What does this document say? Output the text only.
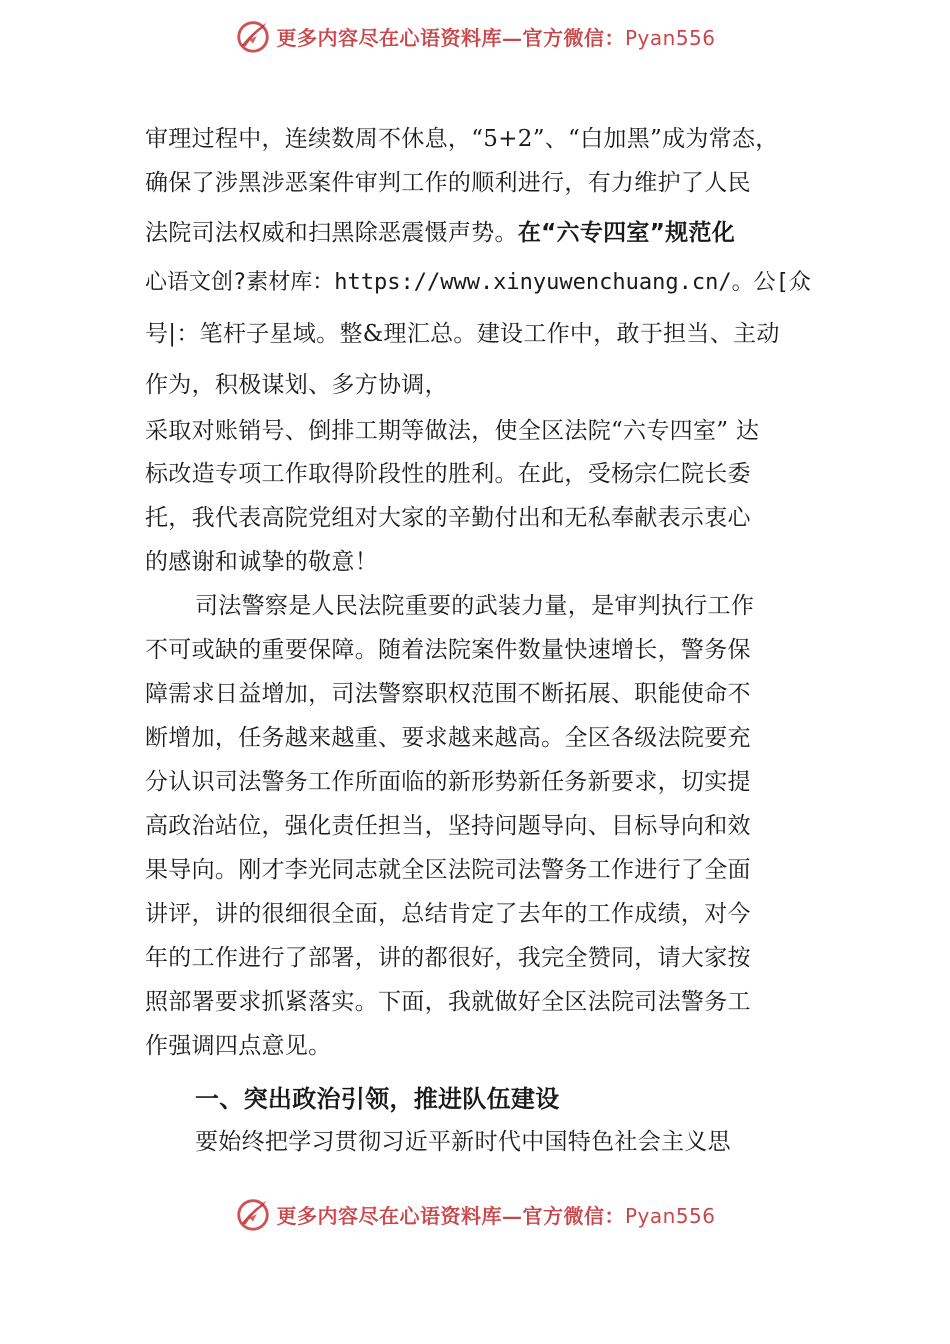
更多内容尽在心语资料库—官方微信：Pyan556
审理过程中，连续数周不休息，“5+2”、“白加黑”成为常态，
确保了涉黑涉恶案件审判工作的顺利进行，有力维护了人民
法院司法权威和扫黑除恶震慑声势。在“六专四室”规范化
心语文创?素材库：https://www.xinyuwenchuang.cn/。公[众
号|：笔杆子星域。整&理汇总。建设工作中，敢于担当、主动
作为，积极谋划、多方协调，
采取对账销号、倒排工期等做法，使全区法院“六专四室” 达
标改造专项工作取得阶段性的胜利。在此，受杨宗仁院长委
托，我代表高院党组对大家的辛勤付出和无私奉献表示衷心
的感谢和诚挚的敬意！
司法警察是人民法院重要的武装力量，是审判执行工作
不可或缺的重要保障。随着法院案件数量快速增长，警务保
障需求日益增加，司法警察职权范围不断拓展、职能使命不
断增加，任务越来越重、要求越来越高。全区各级法院要充
分认识司法警务工作所面临的新形势新任务新要求，切实提
高政治站位，强化责任担当，坚持问题导向、目标导向和效
果导向。刚才李光同志就全区法院司法警务工作进行了全面
讲评，讲的很细很全面，总结肯定了去年的工作成绩，对今
年的工作进行了部署，讲的都很好，我完全赞同，请大家按
照部署要求抓紧落实。下面，我就做好全区法院司法警务工
作强调四点意见。
一、突出政治引领，推进队伍建设
要始终把学习贯彻习近平新时代中国特色社会主义思
更多内容尽在心语资料库—官方微信：Pyan556
